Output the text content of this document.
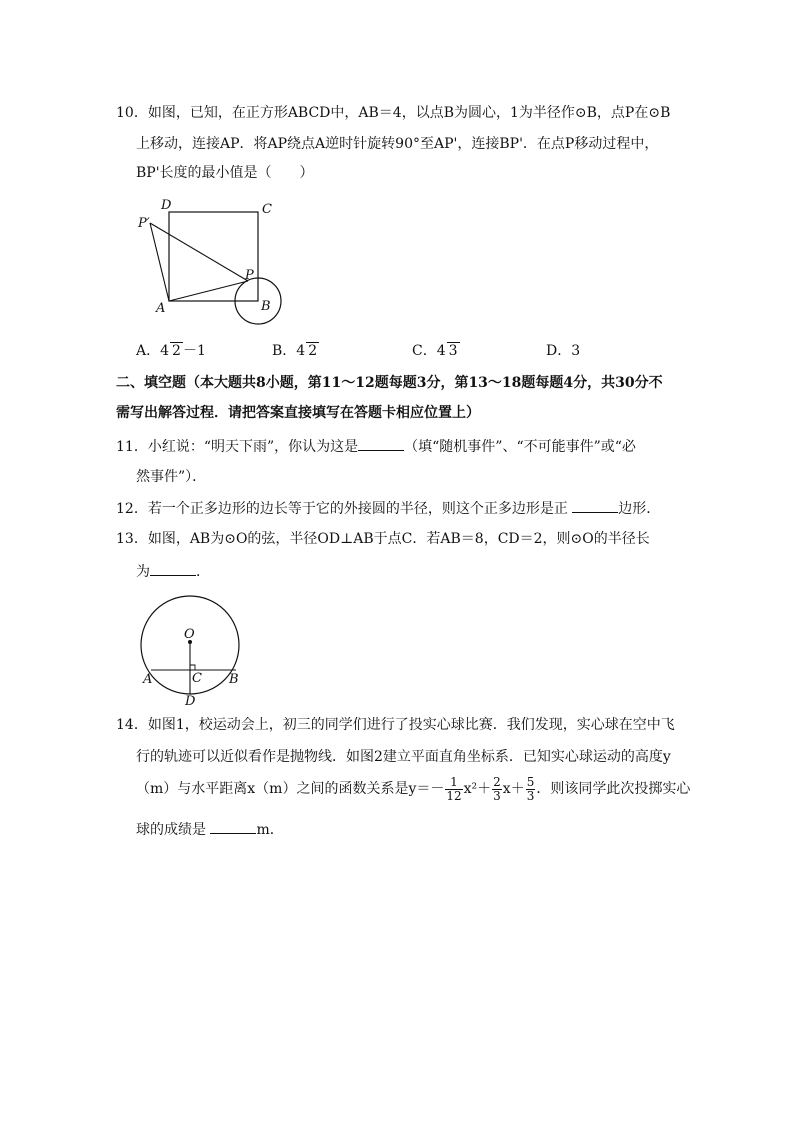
10．如图，已知，在正方形ABCD中，AB＝4，以点B为圆心，1为半径作⊙B，点P在⊙B
上移动，连接AP．将AP绕点A逆时针旋转90°至AP'，连接BP'．在点P移动过程中，
BP'长度的最小值是（　　）
D	C
P′
P
A	B
A．4 2 －1	B．4 2	C．4 3	D．3
二、填空题（本大题共8小题，第11～12题每题3分，第13～18题每题4分，共30分不
需写出解答过程．请把答案直接填写在答题卡相应位置上）
11．小红说：“明天下雨”，你认为这是	（填“随机事件”、“不可能事件”或“必
然事件”）．
12．若一个正多边形的边长等于它的外接圆的半径，则这个正多边形是正	边形．
13．如图，AB为⊙O的弦，半径OD⊥AB于点C．若AB＝8，CD＝2，则⊙O的半径长
为	．
O
A	C B
D
14．如图1，校运动会上，初三的同学们进行了投实心球比赛．我们发现，实心球在空中飞
行的轨迹可以近似看作是抛物线．如图2建立平面直角坐标系．已知实心球运动的高度y
（m）与水平距离x（m）之间的函数关系是$y=- \frac{1}{12} x^2+ \frac{2}{3} x+ \frac{5}{3}$ ．则该同学此次投掷实心
球的成绩是	m．
